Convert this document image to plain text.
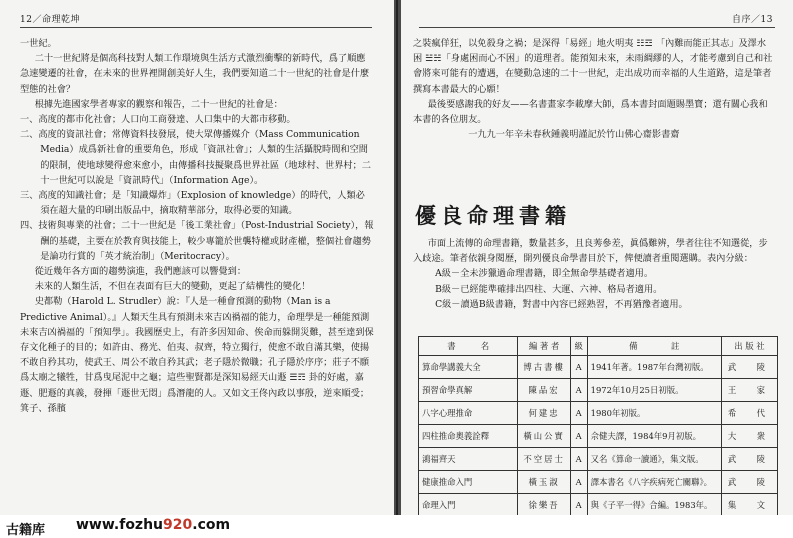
12／命理乾坤

一世紀。

二十一世紀將是個高科技對人類工作環境與生活方式激烈衝擊的新時代，爲了順應急速變遷的社會，在未來的世界裡開創美好人生，我們要知道二十一世紀的社會是什麼型態的社會？

根據先進國家學者專家的觀察和報告，二十一世紀的社會是：

一、高度的都市化社會；人口向工商發達、人口集中的大都市移動。

二、高度的資訊社會；常傳資料技發展，使大眾傳播媒介（Mass Communication Media）成爲新社會的重要角色，形成「資訊社會」；人類的生活攝脫時間和空間的限制，使地球變得愈來愈小，由傳播科技擬聚爲世界社區（地球村、世界村；二十一世紀可以說是「資訊時代」（Information Age）。

三、高度的知識社會；是「知識爆炸」（Explosion of knowledge）的時代，人類必須在超大量的印刷出版品中，摘取精華部分，取得必要的知識。

四、技術與專業的社會；二十一世紀是「後工業社會」（Post-Industrial Society），報酬的基礎，主要在於教育與技能上，較少專籠於世襲特權或財產權，整個社會趨勢是論功行賞的「英才統治制」（Meritocracy）。

從近幾年各方面的趨勢演進，我們應該可以響覺到：

未來的人類生活，不但在表面有巨大的變動，更起了結構性的變化！

史都勒（Harold L. Strudler）說：『人是一種會預測的動物（Man is a Predictive Animal）。』人類天生具有預測未來吉凶禍福的能力，命理學是一種能預測未來吉凶禍福的「預知學」。我國歷史上，有許多因知命、俟命而躲開災難，甚至達到保存文化種子的目的；如許由、務光、伯夷、叔齊，特立獨行，使愈不敢自滿其樂，使揚不敢自矜其功，使武王、周公不敢自矜其武；老子隱於微職；孔子隱於序序；莊子不願爲太廟之犧牲，甘爲曳尾泥中之龜；這些聖賢都是深知易經天山遯 ☰☶ 卦的好處，嘉遯、肥遯的真義，發揮「遯世无悶」爲潛龍的人。又如文王佟內政以事殷，逆來順受；箕子、孫臏

自序／13

之裝瘋佯狂，以免殺身之禍；是深得「易經」地火明夷 ☷☲ 「內難而能正其志」及澤水困 ☱☵「身處困而心不困」的道理者。能預知未來，未雨綢繆的人，才能考慮到自己和社會將來可能有的遭遇，在變動急速的二十一世紀，走出成功而幸福的人生道路，這是筆者撰寫本書最大的心願！

最後要感謝我的好友——名書畫家李載摩大師，爲本書封面題賜墨寶；還有關心我和本書的各位朋友。

一九九一年辛未春秋鍾義明謹記於竹山佛心齋影書齋

優良命理書籍

市面上流傳的命理書籍，數量甚多，且良莠參差，眞僞難辨，學者往往不知選從，步入歧途。筆者依親身閱歷，開列優良命學書目於下，俾便讀者重閱選購。表內分級：

A級－全未涉獵過命理書籍，即全無命學基礎者適用。

B級－已經能準確排出四柱、大運、六神、格局者適用。

C級－讀過B級書籍，對書中內容已經熟習，不再猶豫者適用。

書　　　名	編 著 者	級	備　　　　註	出 版 社
算命學講義大全	博古書樓	A	1941年著。1987年台灣初版。	武　陵
預習命學真解	陳品宏	A	1972年10月25日初版。	王　家
八字心理推命	何建忠	A	1980年初版。	希　代
四柱推命奧義詮釋	橫山公實	A	佘健夫譯，1984年9月初版。	大　衆
鴻福齊天	不空居士	A	又名《算命一讀通》，集文版。	武　陵
健康推命入門	橫玉淑	A	譯本書名《八字疾病死亡關聯》。	武　陵
命理入門	徐樂吾	A	與《子平一得》合編。1983年。	集　文
古籍库 www.fozhu920.com
